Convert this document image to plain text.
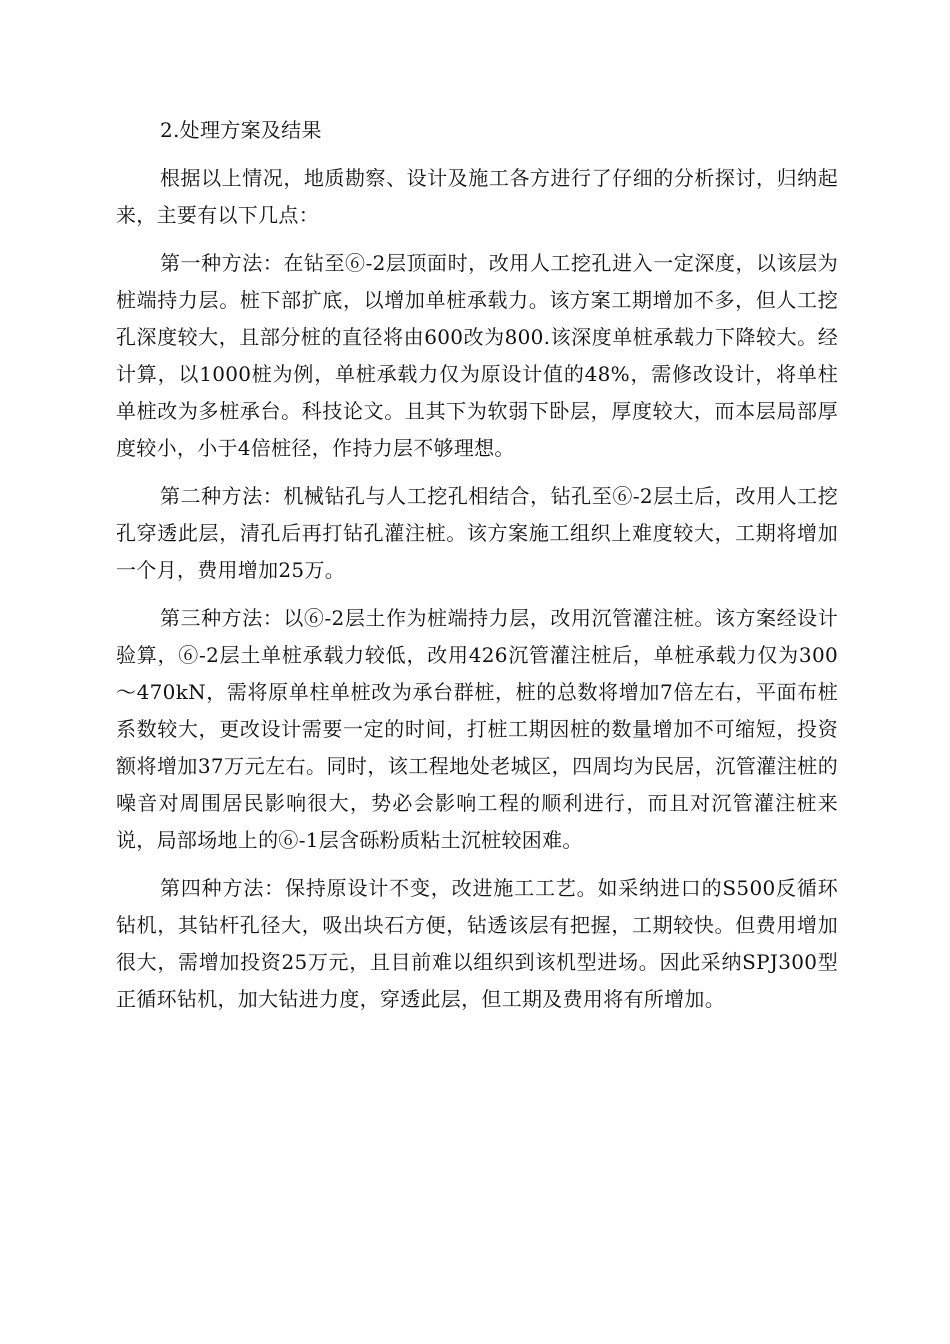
2.处理方案及结果

根据以上情况，地质勘察、设计及施工各方进行了仔细的分析探讨，归纳起来，主要有以下几点：

第一种方法：在钻至⑥-2层顶面时，改用人工挖孔进入一定深度，以该层为桩端持力层。桩下部扩底，以增加单桩承载力。该方案工期增加不多，但人工挖孔深度较大，且部分桩的直径将由600改为800.该深度单桩承载力下降较大。经计算，以1000桩为例，单桩承载力仅为原设计值的48%，需修改设计，将单柱单桩改为多桩承台。科技论文。且其下为软弱下卧层，厚度较大，而本层局部厚度较小，小于4倍桩径，作持力层不够理想。

第二种方法：机械钻孔与人工挖孔相结合，钻孔至⑥-2层土后，改用人工挖孔穿透此层，清孔后再打钻孔灌注桩。该方案施工组织上难度较大，工期将增加一个月，费用增加25万。

第三种方法：以⑥-2层土作为桩端持力层，改用沉管灌注桩。该方案经设计验算，⑥-2层土单桩承载力较低，改用426沉管灌注桩后，单桩承载力仅为300～470kN，需将原单柱单桩改为承台群桩，桩的总数将增加7倍左右，平面布桩系数较大，更改设计需要一定的时间，打桩工期因桩的数量增加不可缩短，投资额将增加37万元左右。同时，该工程地处老城区，四周均为民居，沉管灌注桩的噪音对周围居民影响很大，势必会影响工程的顺利进行，而且对沉管灌注桩来说，局部场地上的⑥-1层含砾粉质粘土沉桩较困难。

第四种方法：保持原设计不变，改进施工工艺。如采纳进口的S500反循环钻机，其钻杆孔径大，吸出块石方便，钻透该层有把握，工期较快。但费用增加很大，需增加投资25万元，且目前难以组织到该机型进场。因此采纳SPJ300型正循环钻机，加大钻进力度，穿透此层，但工期及费用将有所增加。
